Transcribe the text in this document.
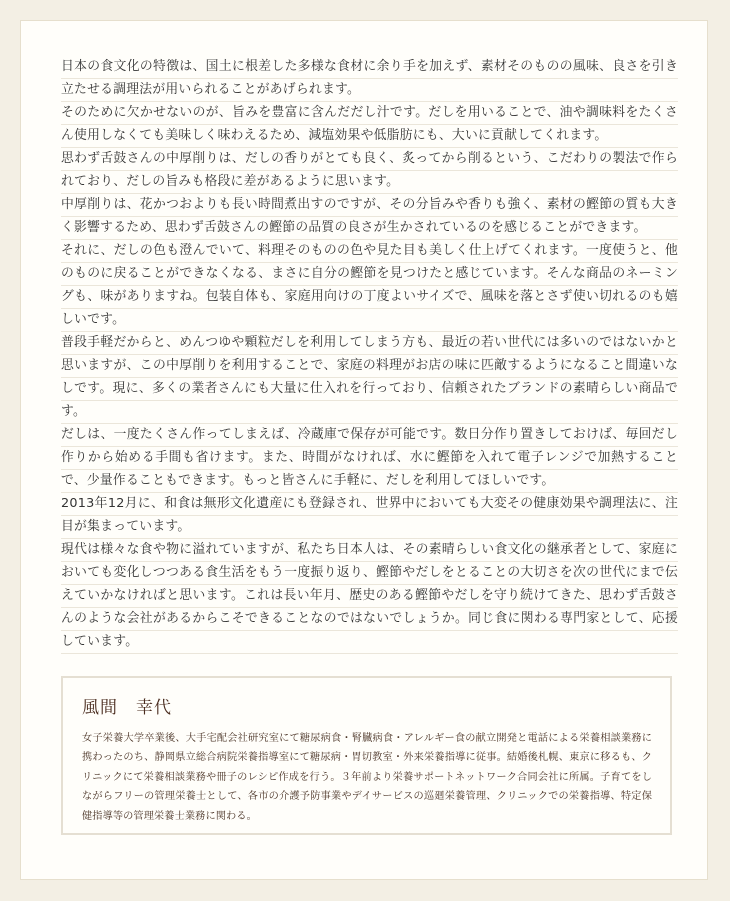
日本の食文化の特徴は、国土に根差した多様な食材に余り手を加えず、素材そのものの風味、良さを引き立たせる調理法が用いられることがあげられます。

そのために欠かせないのが、旨みを豊富に含んだだし汁です。だしを用いることで、油や調味料をたくさん使用しなくても美味しく味わえるため、減塩効果や低脂肪にも、大いに貢献してくれます。

思わず舌鼓さんの中厚削りは、だしの香りがとても良く、炙ってから削るという、こだわりの製法で作られており、だしの旨みも格段に差があるように思います。

中厚削りは、花かつおよりも長い時間煮出すのですが、その分旨みや香りも強く、素材の鰹節の質も大きく影響するため、思わず舌鼓さんの鰹節の品質の良さが生かされているのを感じることができます。

それに、だしの色も澄んでいて、料理そのものの色や見た目も美しく仕上げてくれます。一度使うと、他のものに戻ることができなくなる、まさに自分の鰹節を見つけたと感じています。そんな商品のネーミングも、味がありますね。包装自体も、家庭用向けの丁度よいサイズで、風味を落とさず使い切れるのも嬉しいです。

普段手軽だからと、めんつゆや顆粒だしを利用してしまう方も、最近の若い世代には多いのではないかと思いますが、この中厚削りを利用することで、家庭の料理がお店の味に匹敵するようになること間違いなしです。現に、多くの業者さんにも大量に仕入れを行っており、信頼されたブランドの素晴らしい商品です。

だしは、一度たくさん作ってしまえば、冷蔵庫で保存が可能です。数日分作り置きしておけば、毎回だし作りから始める手間も省けます。また、時間がなければ、水に鰹節を入れて電子レンジで加熱することで、少量作ることもできます。もっと皆さんに手軽に、だしを利用してほしいです。

2013年12月に、和食は無形文化遺産にも登録され、世界中においても大変その健康効果や調理法に、注目が集まっています。

現代は様々な食や物に溢れていますが、私たち日本人は、その素晴らしい食文化の継承者として、家庭においても変化しつつある食生活をもう一度振り返り、鰹節やだしをとることの大切さを次の世代にまで伝えていかなければと思います。これは長い年月、歴史のある鰹節やだしを守り続けてきた、思わず舌鼓さんのような会社があるからこそできることなのではないでしょうか。同じ食に関わる専門家として、応援しています。

風間　幸代

女子栄養大学卒業後、大手宅配会社研究室にて糖尿病食・腎臓病食・アレルギー食の献立開発と電話による栄養相談業務に携わったのち、静岡県立総合病院栄養指導室にて糖尿病・胃切教室・外来栄養指導に従事。結婚後札幌、東京に移るも、クリニックにて栄養相談業務や冊子のレシピ作成を行う。３年前より栄養サポートネットワーク合同会社に所属。子育てをしながらフリーの管理栄養士として、各市の介護予防事業やデイサービスの巡廻栄養管理、クリニックでの栄養指導、特定保健指導等の管理栄養士業務に関わる。
